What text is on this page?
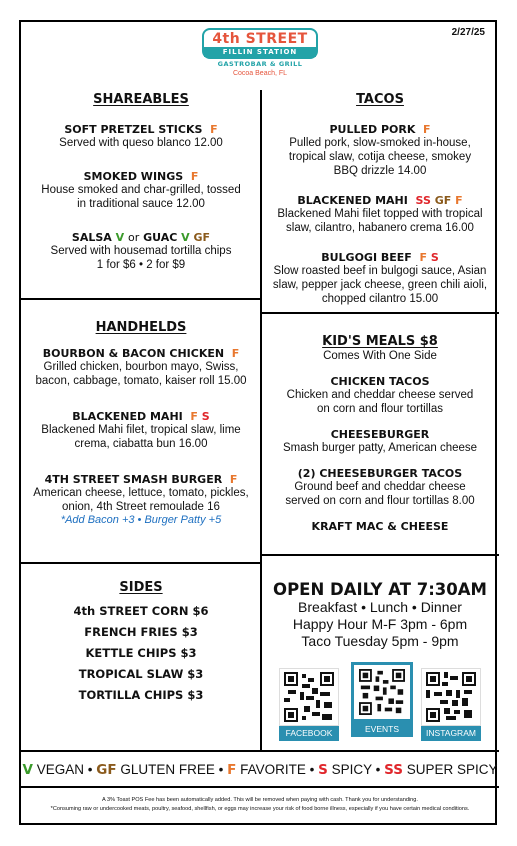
2/27/25
4th STREET
FILLIN STATION
GASTROBAR & GRILL
Cocoa Beach, FL
SHAREABLES
SOFT PRETZEL STICKS F
Served with queso blanco 12.00
SMOKED WINGS F
House smoked and char-grilled, tossed
in traditional sauce 12.00
SALSA V or GUAC V GF
Served with housemad tortilla chips
1 for $6 • 2 for $9
TACOS
PULLED PORK F
Pulled pork, slow-smoked in-house,
tropical slaw, cotija cheese, smokey
BBQ drizzle 14.00
BLACKENED MAHI SS GF F
Blackened Mahi filet topped with tropical
slaw, cilantro, habanero crema 16.00
BULGOGI BEEF F S
Slow roasted beef in bulgogi sauce, Asian
slaw, pepper jack cheese, green chili aioli,
chopped cilantro 15.00
HANDHELDS
BOURBON & BACON CHICKEN F
Grilled chicken, bourbon mayo, Swiss,
bacon, cabbage, tomato, kaiser roll 15.00
BLACKENED MAHI F S
Blackened Mahi filet, tropical slaw, lime
crema, ciabatta bun 16.00
4TH STREET SMASH BURGER F
American cheese, lettuce, tomato, pickles,
onion, 4th Street remoulade 16
*Add Bacon +3 • Burger Patty +5
KID'S MEALS $8
Comes With One Side
CHICKEN TACOS
Chicken and cheddar cheese served
on corn and flour tortillas
CHEESEBURGER
Smash burger patty, American cheese
(2) CHEESEBURGER TACOS
Ground beef and cheddar cheese
served on corn and flour tortillas 8.00
KRAFT MAC & CHEESE
SIDES
4th STREET CORN $6
FRENCH FRIES $3
KETTLE CHIPS $3
TROPICAL SLAW $3
TORTILLA CHIPS $3
OPEN DAILY AT 7:30AM
Breakfast • Lunch • Dinner
Happy Hour M-F 3pm - 6pm
Taco Tuesday 5pm - 9pm
FACEBOOK	EVENTS	INSTAGRAM
V VEGAN • GF GLUTEN FREE • F FAVORITE • S SPICY • SS SUPER SPICY
A 3% Toast POS Fee has been automatically added. This will be removed when paying with cash. Thank you for understanding.
*Consuming raw or undercooked meats, poultry, seafood, shellfish, or eggs may increase your risk of food borne illness, especially if you have certain medical conditions.
